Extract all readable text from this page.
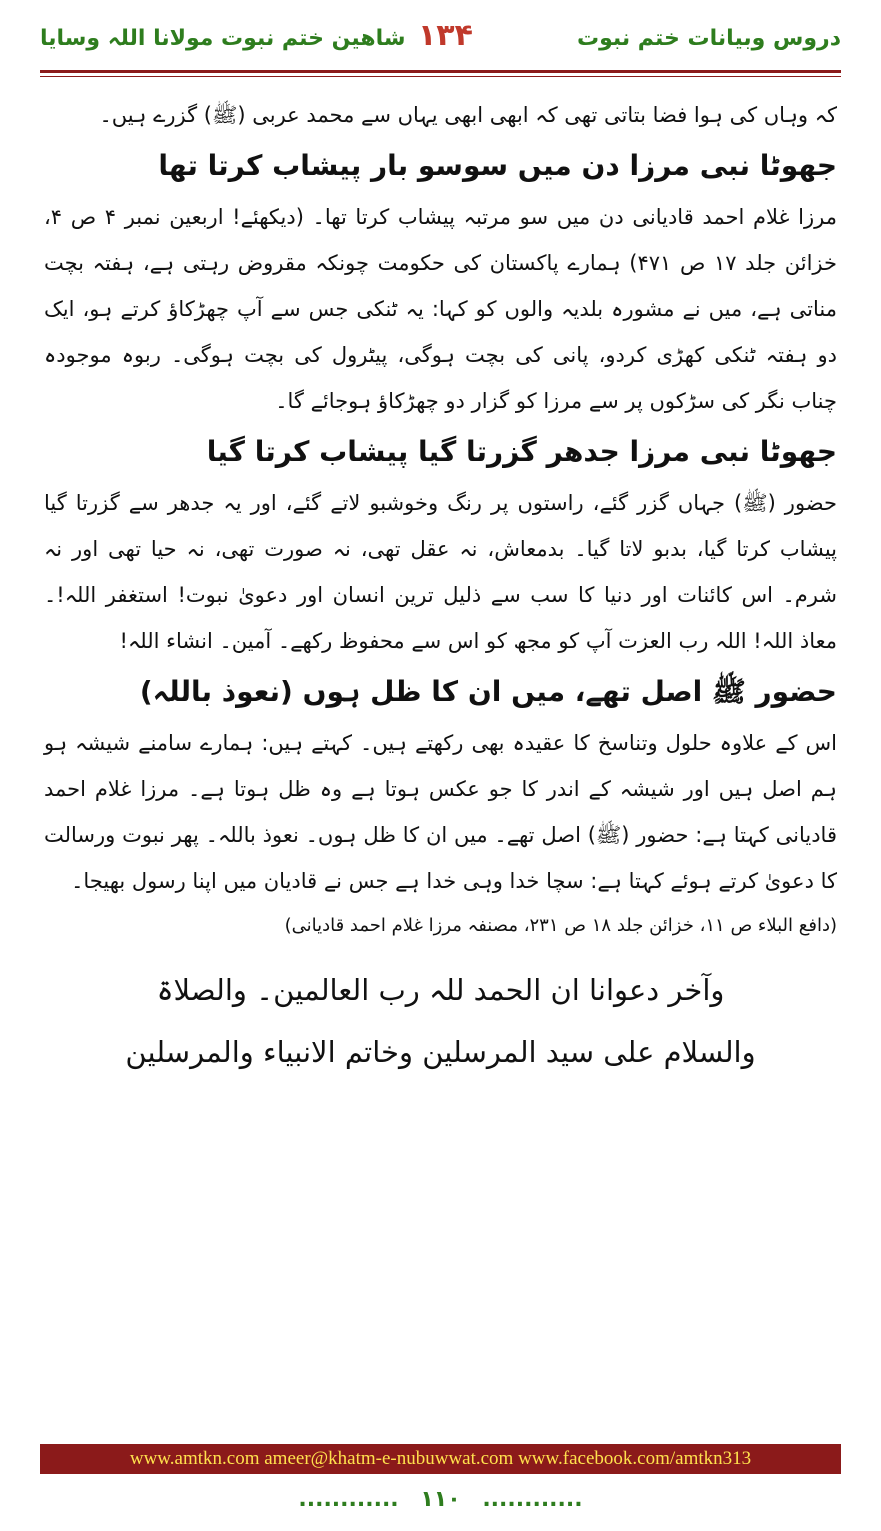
دروس وبیانات ختم نبوت
۱۳۴
شاھین ختم نبوت مولانا اللہ وسایا

کہ وہاں کی ہوا فضا بتاتی تھی کہ ابھی ابھی یہاں سے محمد عربی (ﷺ) گزرے ہیں۔

جھوٹا نبی مرزا دن میں سوسو بار پیشاب کرتا تھا

مرزا غلام احمد قادیانی دن میں سو مرتبہ پیشاب کرتا تھا۔ (دیکھئے! اربعین نمبر ۴ ص ۴، خزائن جلد ۱۷ ص ۴۷۱) ہمارے پاکستان کی حکومت چونکہ مقروض رہتی ہے، ہفتہ بچت مناتی ہے، میں نے مشورہ بلدیہ والوں کو کہا: یہ ٹنکی جس سے آپ چھڑکاؤ کرتے ہو، ایک دو ہفتہ ٹنکی کھڑی کردو، پانی کی بچت ہوگی، پیٹرول کی بچت ہوگی۔ ربوہ موجودہ چناب نگر کی سڑکوں پر سے مرزا کو گزار دو چھڑکاؤ ہوجائے گا۔

جھوٹا نبی مرزا جدھر گزرتا گیا پیشاب کرتا گیا

حضور (ﷺ) جہاں گزر گئے، راستوں پر رنگ وخوشبو لاتے گئے، اور یہ جدھر سے گزرتا گیا پیشاب کرتا گیا، بدبو لاتا گیا۔ بدمعاش، نہ عقل تھی، نہ صورت تھی، نہ حیا تھی اور نہ شرم۔ اس کائنات اور دنیا کا سب سے ذلیل ترین انسان اور دعویٰ نبوت! استغفر اللہ!۔ معاذ اللہ! اللہ رب العزت آپ کو مجھ کو اس سے محفوظ رکھے۔ آمین۔ انشاء اللہ!

حضور ﷺ اصل تھے، میں ان کا ظل ہوں (نعوذ باللہ)

اس کے علاوہ حلول وتناسخ کا عقیدہ بھی رکھتے ہیں۔ کہتے ہیں: ہمارے سامنے شیشہ ہو ہم اصل ہیں اور شیشہ کے اندر کا جو عکس ہوتا ہے وہ ظل ہوتا ہے۔ مرزا غلام احمد قادیانی کہتا ہے: حضور (ﷺ) اصل تھے۔ میں ان کا ظل ہوں۔ نعوذ باللہ۔ پھر نبوت ورسالت کا دعویٰ کرتے ہوئے کہتا ہے: سچا خدا وہی خدا ہے جس نے قادیان میں اپنا رسول بھیجا۔

(دافع البلاء ص ۱۱، خزائن جلد ۱۸ ص ۲۳۱، مصنفہ مرزا غلام احمد قادیانی)

وآخر دعوانا ان الحمد للہ رب العالمین۔ والصلاۃ

والسلام علی سید المرسلین وخاتم الانبیاء والمرسلین

www.amtkn.com ameer@khatm-e-nubuwwat.com www.facebook.com/amtkn313
............ ۱۱۰ ............
